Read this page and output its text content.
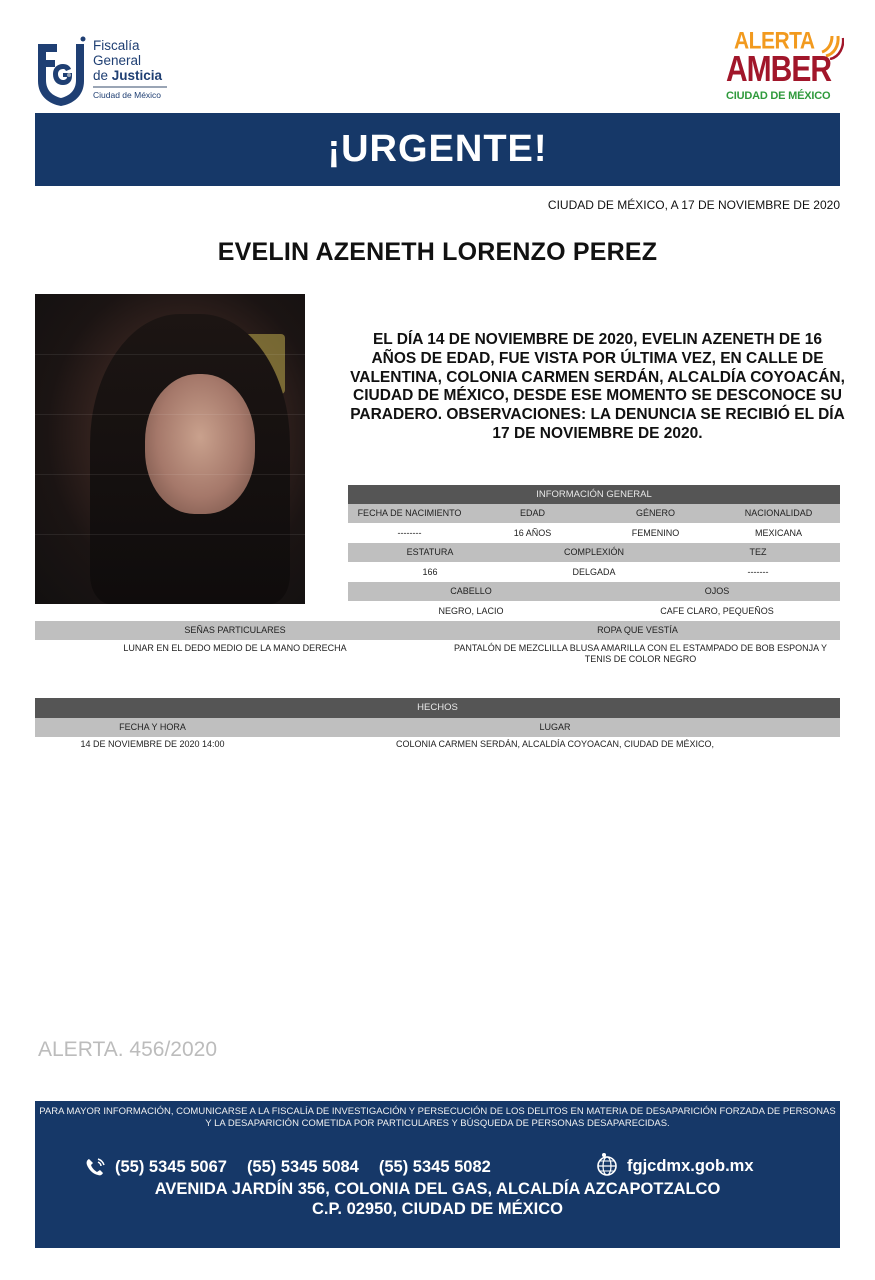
Fiscalía
General
de Justicia
Ciudad de México
ALERTA
AMBER
CIUDAD DE MÉXICO
¡URGENTE!
CIUDAD DE MÉXICO, A 17 DE NOVIEMBRE DE 2020
EVELIN AZENETH LORENZO PEREZ
EL DÍA 14 DE NOVIEMBRE DE 2020, EVELIN AZENETH DE 16 AÑOS DE EDAD, FUE VISTA POR ÚLTIMA VEZ, EN CALLE DE VALENTINA, COLONIA CARMEN SERDÁN, ALCALDÍA COYOACÁN, CIUDAD DE MÉXICO, DESDE ESE MOMENTO SE DESCONOCE SU PARADERO. OBSERVACIONES: LA DENUNCIA SE RECIBIÓ EL DÍA 17 DE NOVIEMBRE DE 2020.
INFORMACIÓN GENERAL
FECHA DE NACIMIENTO	EDAD	GÉNERO	NACIONALIDAD
--------	16 AÑOS	FEMENINO	MEXICANA
ESTATURA	COMPLEXIÓN	TEZ
166	DELGADA	-------
CABELLO	OJOS
NEGRO, LACIO	CAFE CLARO, PEQUEÑOS
SEÑAS PARTICULARES	ROPA QUE VESTÍA
LUNAR EN EL DEDO MEDIO DE LA MANO DERECHA	PANTALÓN DE MEZCLILLA BLUSA AMARILLA CON EL ESTAMPADO DE BOB ESPONJA Y TENIS DE COLOR NEGRO
HECHOS
FECHA Y HORA	LUGAR
14 DE NOVIEMBRE DE 2020 14:00	COLONIA CARMEN SERDÁN, ALCALDÍA COYOACAN, CIUDAD DE MÉXICO,
ALERTA. 456/2020
PARA MAYOR INFORMACIÓN, COMUNICARSE A LA FISCALÍA DE INVESTIGACIÓN Y PERSECUCIÓN DE LOS DELITOS EN MATERIA DE DESAPARICIÓN FORZADA DE PERSONAS Y LA DESAPARICIÓN COMETIDA POR PARTICULARES Y BÚSQUEDA DE PERSONAS DESAPARECIDAS.
(55) 5345 5067 (55) 5345 5084 (55) 5345 5082	fgjcdmx.gob.mx
AVENIDA JARDÍN 356, COLONIA DEL GAS, ALCALDÍA AZCAPOTZALCO
C.P. 02950, CIUDAD DE MÉXICO
